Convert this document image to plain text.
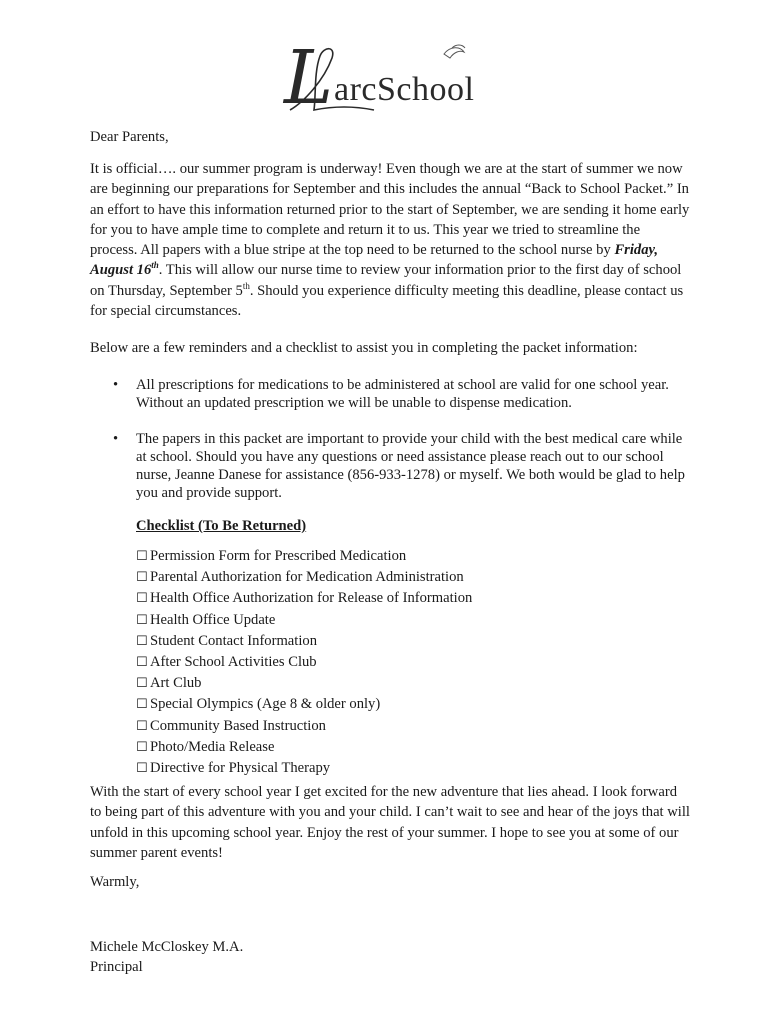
arcSchool
L

Dear Parents,

It is official…. our summer program is underway! Even though we are at the start of summer we now are beginning our preparations for September and this includes the annual “Back to School Packet.” In an effort to have this information returned prior to the start of September, we are sending it home early for you to have ample time to complete and return it to us. This year we tried to streamline the process. All papers with a blue stripe at the top need to be returned to the school nurse by Friday, August 16th. This will allow our nurse time to review your information prior to the first day of school on Thursday, September 5th. Should you experience difficulty meeting this deadline, please contact us for special circumstances.

Below are a few reminders and a checklist to assist you in completing the packet information:

• All prescriptions for medications to be administered at school are valid for one school year. Without an updated prescription we will be unable to dispense medication.
• The papers in this packet are important to provide your child with the best medical care while at school. Should you have any questions or need assistance please reach out to our school nurse, Jeanne Danese for assistance (856-933-1278) or myself. We both would be glad to help you and provide support.

Checklist (To Be Returned)

☐ Permission Form for Prescribed Medication

☐ Parental Authorization for Medication Administration

☐ Health Office Authorization for Release of Information

☐ Health Office Update

☐ Student Contact Information

☐ After School Activities Club

☐ Art Club

☐ Special Olympics (Age 8 & older only)

☐ Community Based Instruction

☐ Photo/Media Release

☐ Directive for Physical Therapy

With the start of every school year I get excited for the new adventure that lies ahead. I look forward to being part of this adventure with you and your child. I can’t wait to see and hear of the joys that will unfold in this upcoming school year. Enjoy the rest of your summer. I hope to see you at some of our summer parent events!

Warmly,

Michele McCloskey M.A.
Principal
